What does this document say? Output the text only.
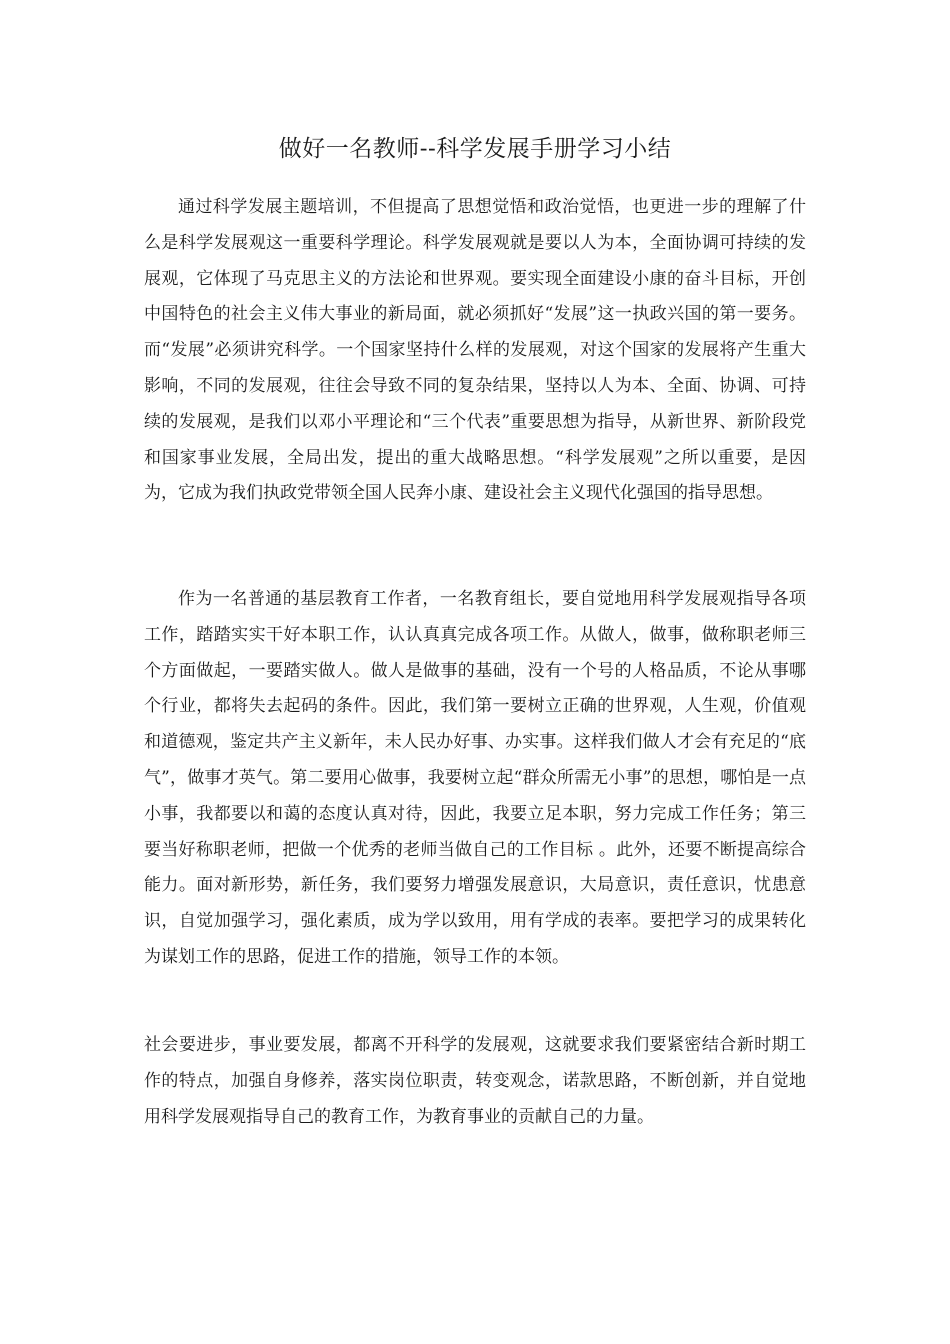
做好一名教师--科学发展手册学习小结

通过科学发展主题培训，不但提高了思想觉悟和政治觉悟，也更进一步的理解了什么是科学发展观这一重要科学理论。科学发展观就是要以人为本，全面协调可持续的发展观，它体现了马克思主义的方法论和世界观。要实现全面建设小康的奋斗目标，开创中国特色的社会主义伟大事业的新局面，就必须抓好“发展”这一执政兴国的第一要务。而“发展”必须讲究科学。一个国家坚持什么样的发展观，对这个国家的发展将产生重大影响，不同的发展观，往往会导致不同的复杂结果，坚持以人为本、全面、协调、可持续的发展观，是我们以邓小平理论和“三个代表”重要思想为指导，从新世界、新阶段党和国家事业发展，全局出发，提出的重大战略思想。“科学发展观”之所以重要，是因为，它成为我们执政党带领全国人民奔小康、建设社会主义现代化强国的指导思想。

作为一名普通的基层教育工作者，一名教育组长，要自觉地用科学发展观指导各项工作，踏踏实实干好本职工作，认认真真完成各项工作。从做人，做事，做称职老师三个方面做起，一要踏实做人。做人是做事的基础，没有一个号的人格品质，不论从事哪个行业，都将失去起码的条件。因此，我们第一要树立正确的世界观，人生观，价值观和道德观，鉴定共产主义新年，未人民办好事、办实事。这样我们做人才会有充足的“底气”，做事才英气。第二要用心做事，我要树立起“群众所需无小事”的思想，哪怕是一点小事，我都要以和蔼的态度认真对待，因此，我要立足本职，努力完成工作任务；第三要当好称职老师，把做一个优秀的老师当做自己的工作目标 。此外，还要不断提高综合能力。面对新形势，新任务，我们要努力增强发展意识，大局意识，责任意识，忧患意识，自觉加强学习，强化素质，成为学以致用，用有学成的表率。要把学习的成果转化为谋划工作的思路，促进工作的措施，领导工作的本领。

社会要进步，事业要发展，都离不开科学的发展观，这就要求我们要紧密结合新时期工作的特点，加强自身修养，落实岗位职责，转变观念，诺款思路，不断创新，并自觉地用科学发展观指导自己的教育工作，为教育事业的贡献自己的力量。
